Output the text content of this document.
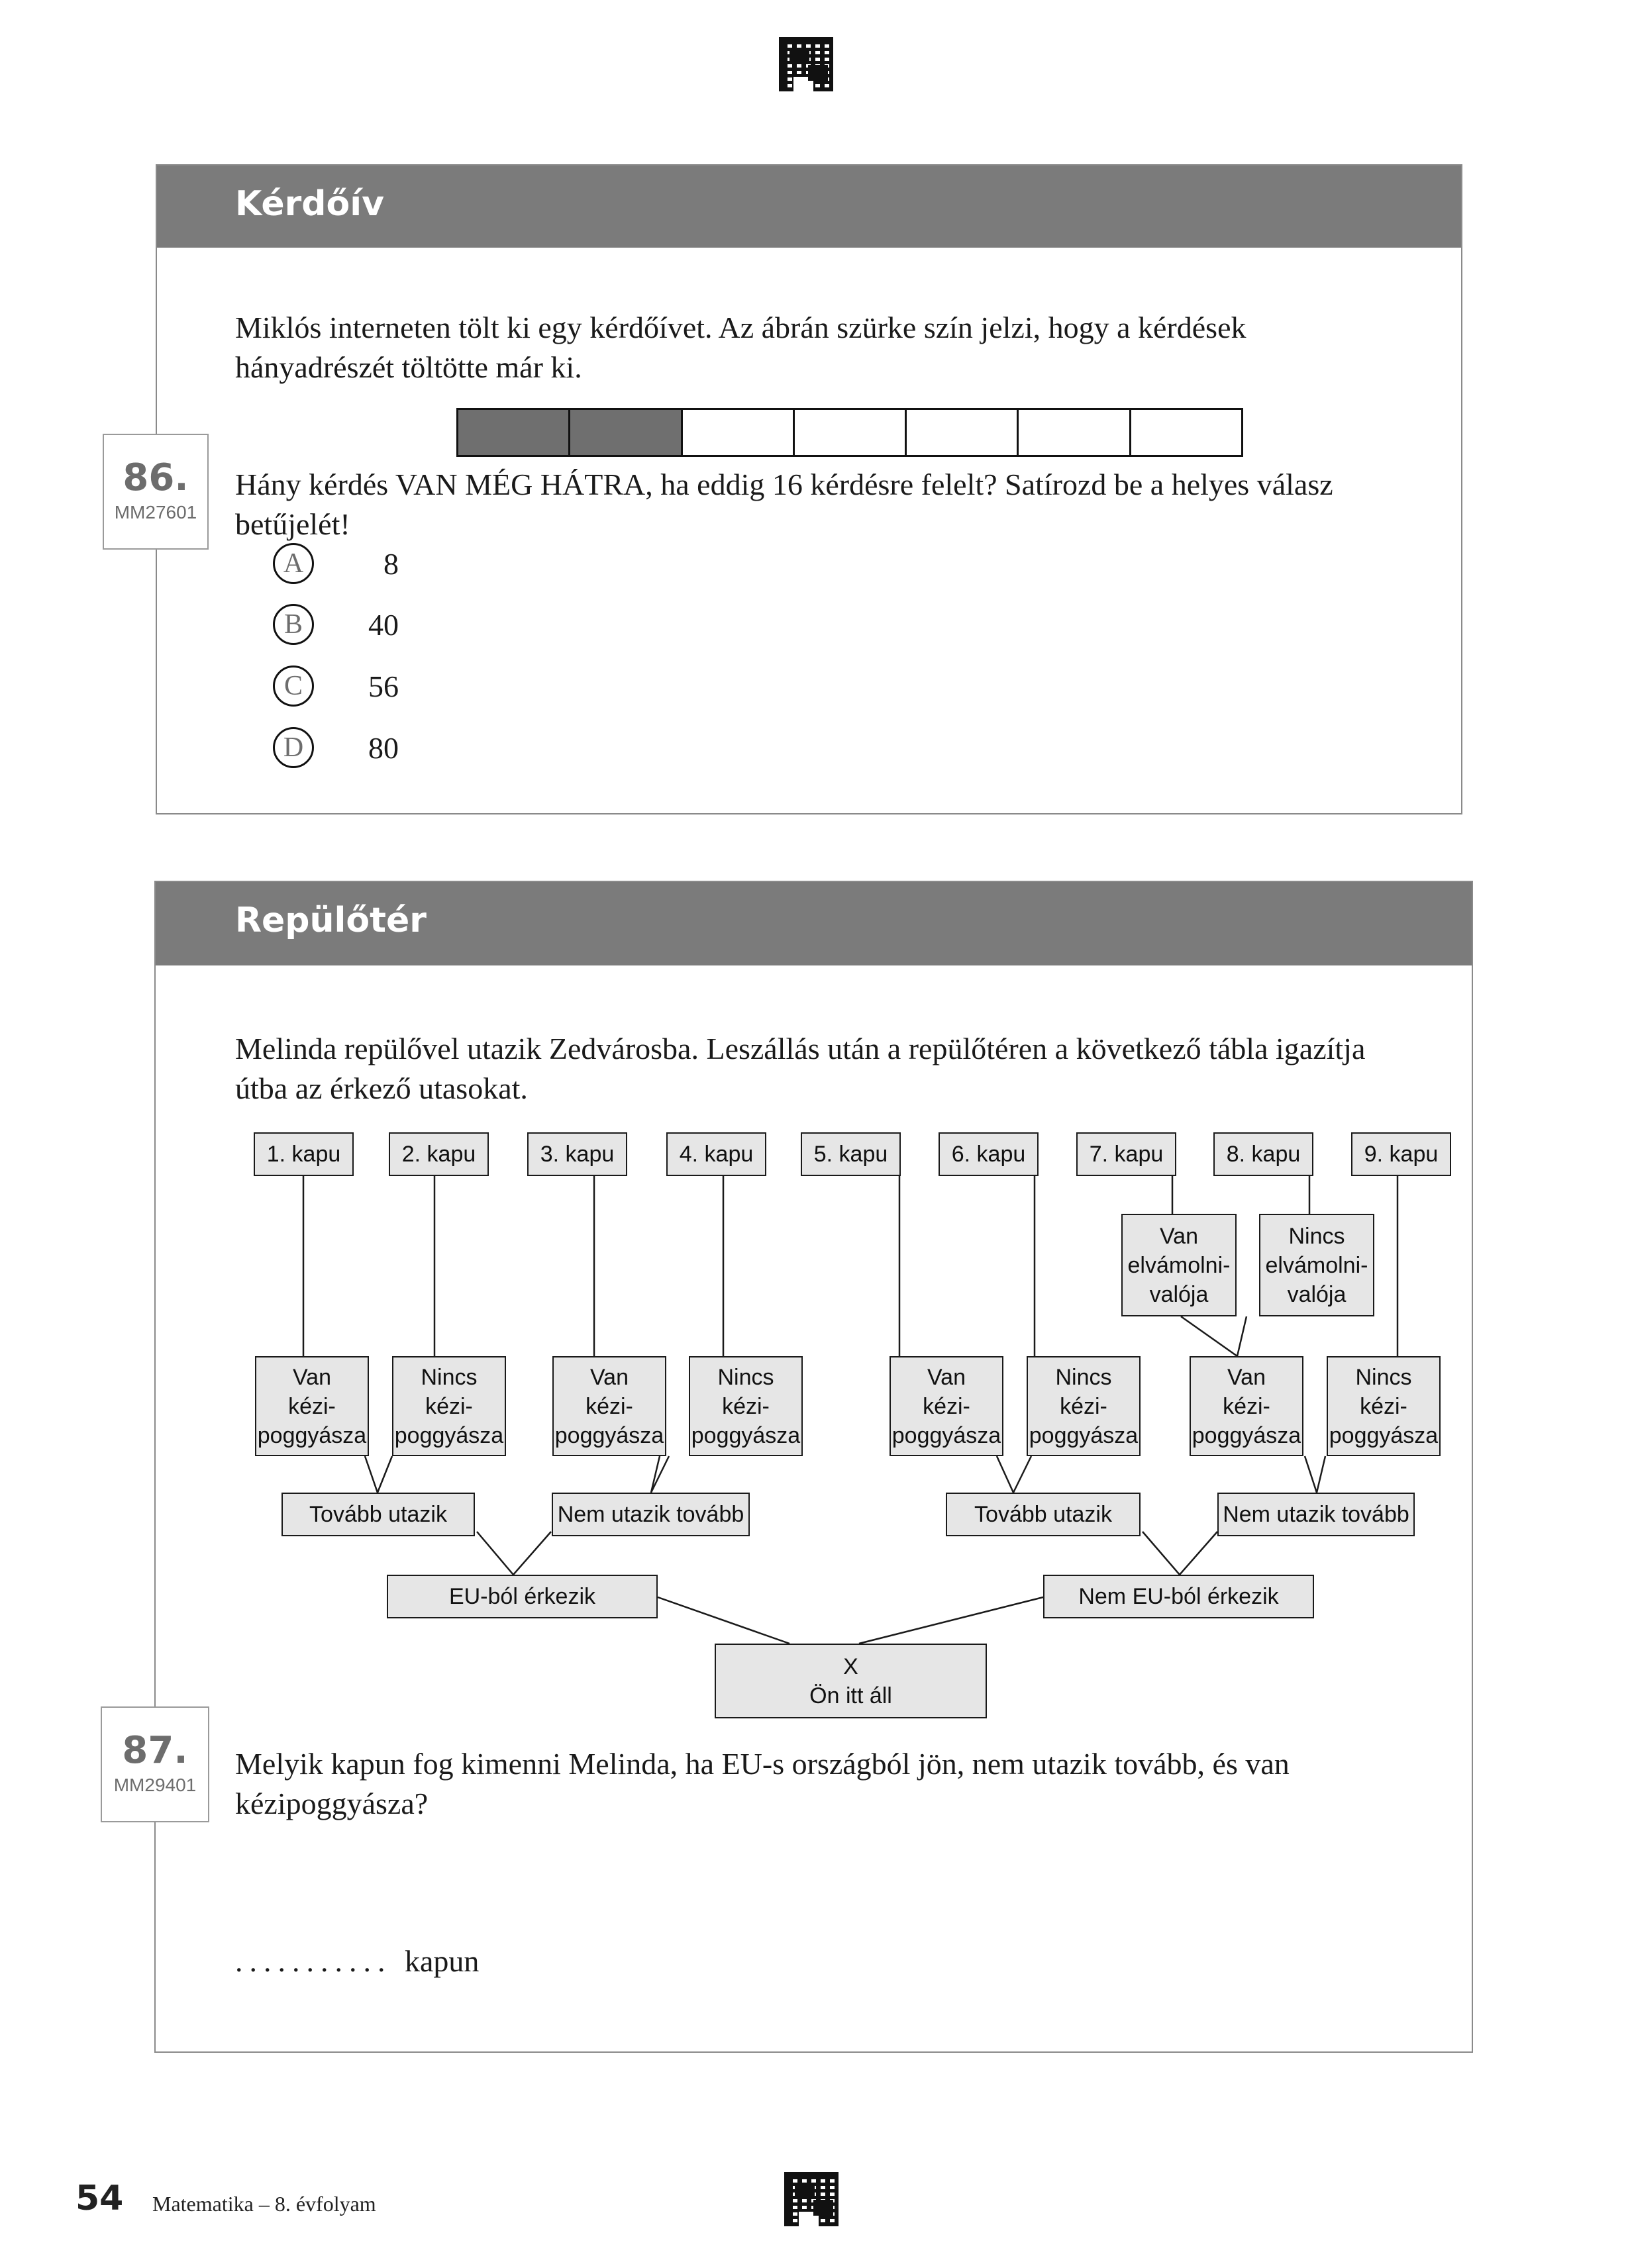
Kérdőív
Miklós interneten tölt ki egy kérdőívet. Az ábrán szürke szín jelzi, hogy a kérdések
hányadrészét töltötte már ki.
Hány kérdés VAN MÉG HÁTRA, ha eddig 16 kérdésre felelt? Satírozd be a helyes válasz betűjelét!
A	8
B	40
C	56
D	80
86.
MM27601
Repülőtér
Melinda repülővel utazik Zedvárosba. Leszállás után a repülőtéren a következő tábla igazítja
útba az érkező utasokat.
Melyik kapun fog kimenni Melinda, ha EU-s országból jön, nem utazik tovább, és van
kézipoggyásza?
........... kapun
87.
MM29401
1. kapu	2. kapu	3. kapu	4. kapu	5. kapu	6. kapu	7. kapu	8. kapu	9. kapu
Van
elvámolni-
valója
Nincs
elvámolni-
valója
Van
kézi-
poggyásza
Nincs
kézi-
poggyásza
Van
kézi-
poggyásza
Nincs
kézi-
poggyásza
Van
kézi-
poggyásza
Nincs
kézi-
poggyásza
Van
kézi-
poggyásza
Nincs
kézi-
poggyásza
Tovább utazik	Nem utazik tovább	Tovább utazik	Nem utazik tovább
EU-ból érkezik	Nem EU-ból érkezik
X
Ön itt áll
54 Matematika – 8. évfolyam
